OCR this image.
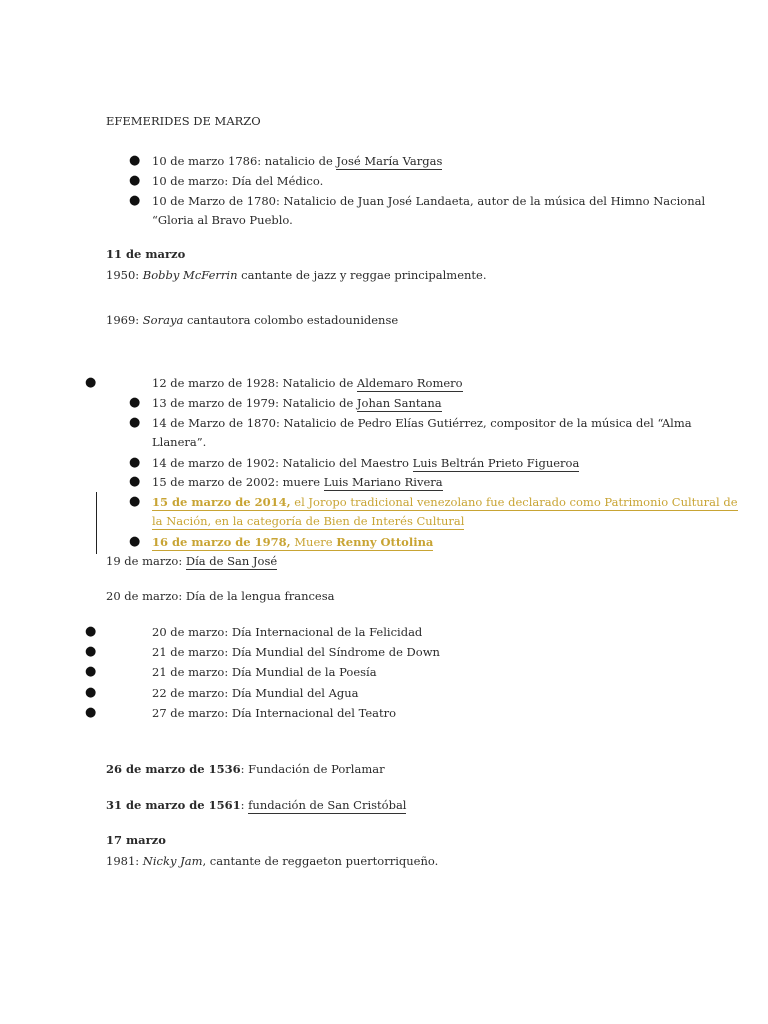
EFEMERIDES DE MARZO
● 10 de marzo 1786: natalicio de José María Vargas
● 10 de marzo: Día del Médico.
● 10 de Marzo de 1780: Natalicio de Juan José Landaeta, autor de la música del Himno Nacional
“Gloria al Bravo Pueblo.
11 de marzo
1950: Bobby McFerrin cantante de jazz y reggae principalmente.
1969: Soraya cantautora colombo estadounidense
●	12 de marzo de 1928: Natalicio de Aldemaro Romero
● 13 de marzo de 1979: Natalicio de Johan Santana
● 14 de Marzo de 1870: Natalicio de Pedro Elías Gutiérrez, compositor de la música del “Alma
Llanera”.
● 14 de marzo de 1902: Natalicio del Maestro Luis Beltrán Prieto Figueroa
● 15 de marzo de 2002: muere Luis Mariano Rivera
● 15 de marzo de 2014, el Joropo tradicional venezolano fue declarado como Patrimonio Cultural de
la Nación, en la categoría de Bien de Interés Cultural
● 16 de marzo de 1978, Muere Renny Ottolina
19 de marzo: Día de San José
20 de marzo: Día de la lengua francesa
●	20 de marzo: Día Internacional de la Felicidad
●	21 de marzo: Día Mundial del Síndrome de Down
●	21 de marzo: Día Mundial de la Poesía
●	22 de marzo: Día Mundial del Agua
●	27 de marzo: Día Internacional del Teatro
26 de marzo de 1536: Fundación de Porlamar
31 de marzo de 1561: fundación de San Cristóbal
17 marzo
1981: Nicky Jam, cantante de reggaeton puertorriqueño.
